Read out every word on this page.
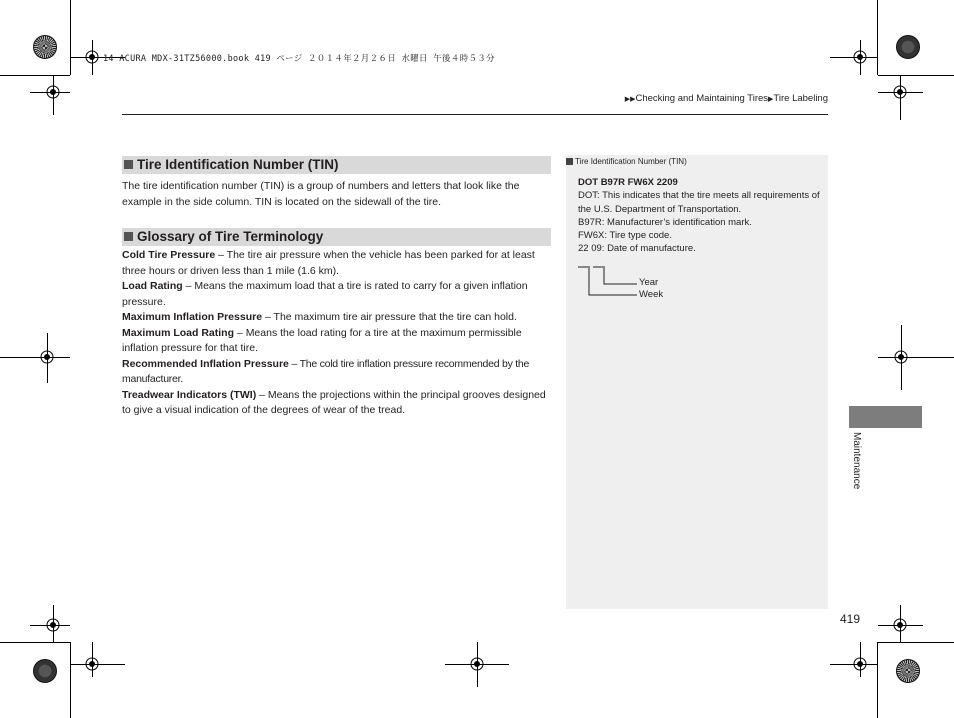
14 ACURA MDX-31TZ56000.book 419 ページ ２０１４年２月２６日 水曜日 午後４時５３分
▶▶Checking and Maintaining Tires▶Tire Labeling
Tire Identification Number (TIN)

The tire identification number (TIN) is a group of numbers and letters that look like the example in the side column. TIN is located on the sidewall of the tire.

Glossary of Tire Terminology

Cold Tire Pressure – The tire air pressure when the vehicle has been parked for at least three hours or driven less than 1 mile (1.6 km).

Load Rating – Means the maximum load that a tire is rated to carry for a given inflation pressure.

Maximum Inflation Pressure – The maximum tire air pressure that the tire can hold.

Maximum Load Rating – Means the load rating for a tire at the maximum permissible inflation pressure for that tire.

Recommended Inflation Pressure – The cold tire inflation pressure recommended by the manufacturer.

Treadwear Indicators (TWI) – Means the projections within the principal grooves designed to give a visual indication of the degrees of wear of the tread.

Tire Identification Number (TIN)

DOT B97R FW6X 2209

DOT: This indicates that the tire meets all requirements of the U.S. Department of Transportation.

B97R: Manufacturer’s identification mark.

FW6X: Tire type code.

22 09: Date of manufacture.

Year
Week
Maintenance
419
